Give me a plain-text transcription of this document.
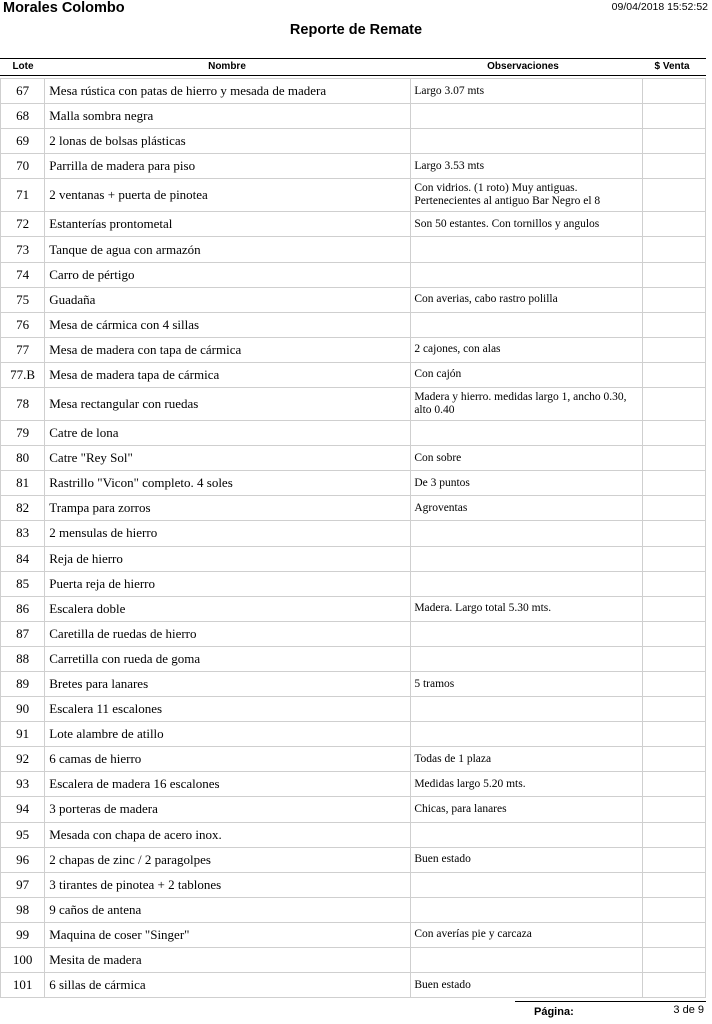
Morales Colombo	09/04/2018 15:52:52
Reporte de Remate
Lote	Nombre	Observaciones	$ Venta
67	Mesa rústica con patas de hierro y mesada de madera	Largo 3.07 mts	
68	Malla sombra negra		
69	2 lonas de bolsas plásticas		
70	Parrilla de madera para piso	Largo 3.53 mts	
71	2 ventanas + puerta de pinotea	Con vidrios. (1 roto) Muy antiguas. Pertenecientes al antiguo Bar Negro el 8	
72	Estanterías prontometal	Son 50 estantes. Con tornillos y angulos	
73	Tanque de agua con armazón		
74	Carro de pértigo		
75	Guadaña	Con averias, cabo rastro polilla	
76	Mesa de cármica con 4 sillas		
77	Mesa de madera con tapa de cármica	2 cajones, con alas	
77.B	Mesa de madera tapa de cármica	Con cajón	
78	Mesa rectangular con ruedas	Madera y hierro. medidas largo 1, ancho 0.30, alto 0.40	
79	Catre de lona		
80	Catre "Rey Sol"	Con sobre	
81	Rastrillo "Vicon" completo. 4 soles	De 3 puntos	
82	Trampa para zorros	Agroventas	
83	2 mensulas de hierro		
84	Reja de hierro		
85	Puerta reja de hierro		
86	Escalera doble	Madera. Largo total 5.30 mts.	
87	Caretilla de ruedas de hierro		
88	Carretilla con rueda de goma		
89	Bretes para lanares	5 tramos	
90	Escalera 11 escalones		
91	Lote alambre de atillo		
92	6 camas de hierro	Todas de 1 plaza	
93	Escalera de madera 16 escalones	Medidas largo 5.20 mts.	
94	3 porteras de madera	Chicas, para lanares	
95	Mesada con chapa de acero inox.		
96	2 chapas de zinc / 2 paragolpes	Buen estado	
97	3 tirantes de pinotea + 2 tablones		
98	9 caños de antena		
99	Maquina de coser "Singer"	Con averías pie y carcaza	
100	Mesita de madera		
101	6 sillas de cármica	Buen estado	
Página:	3 de 9
